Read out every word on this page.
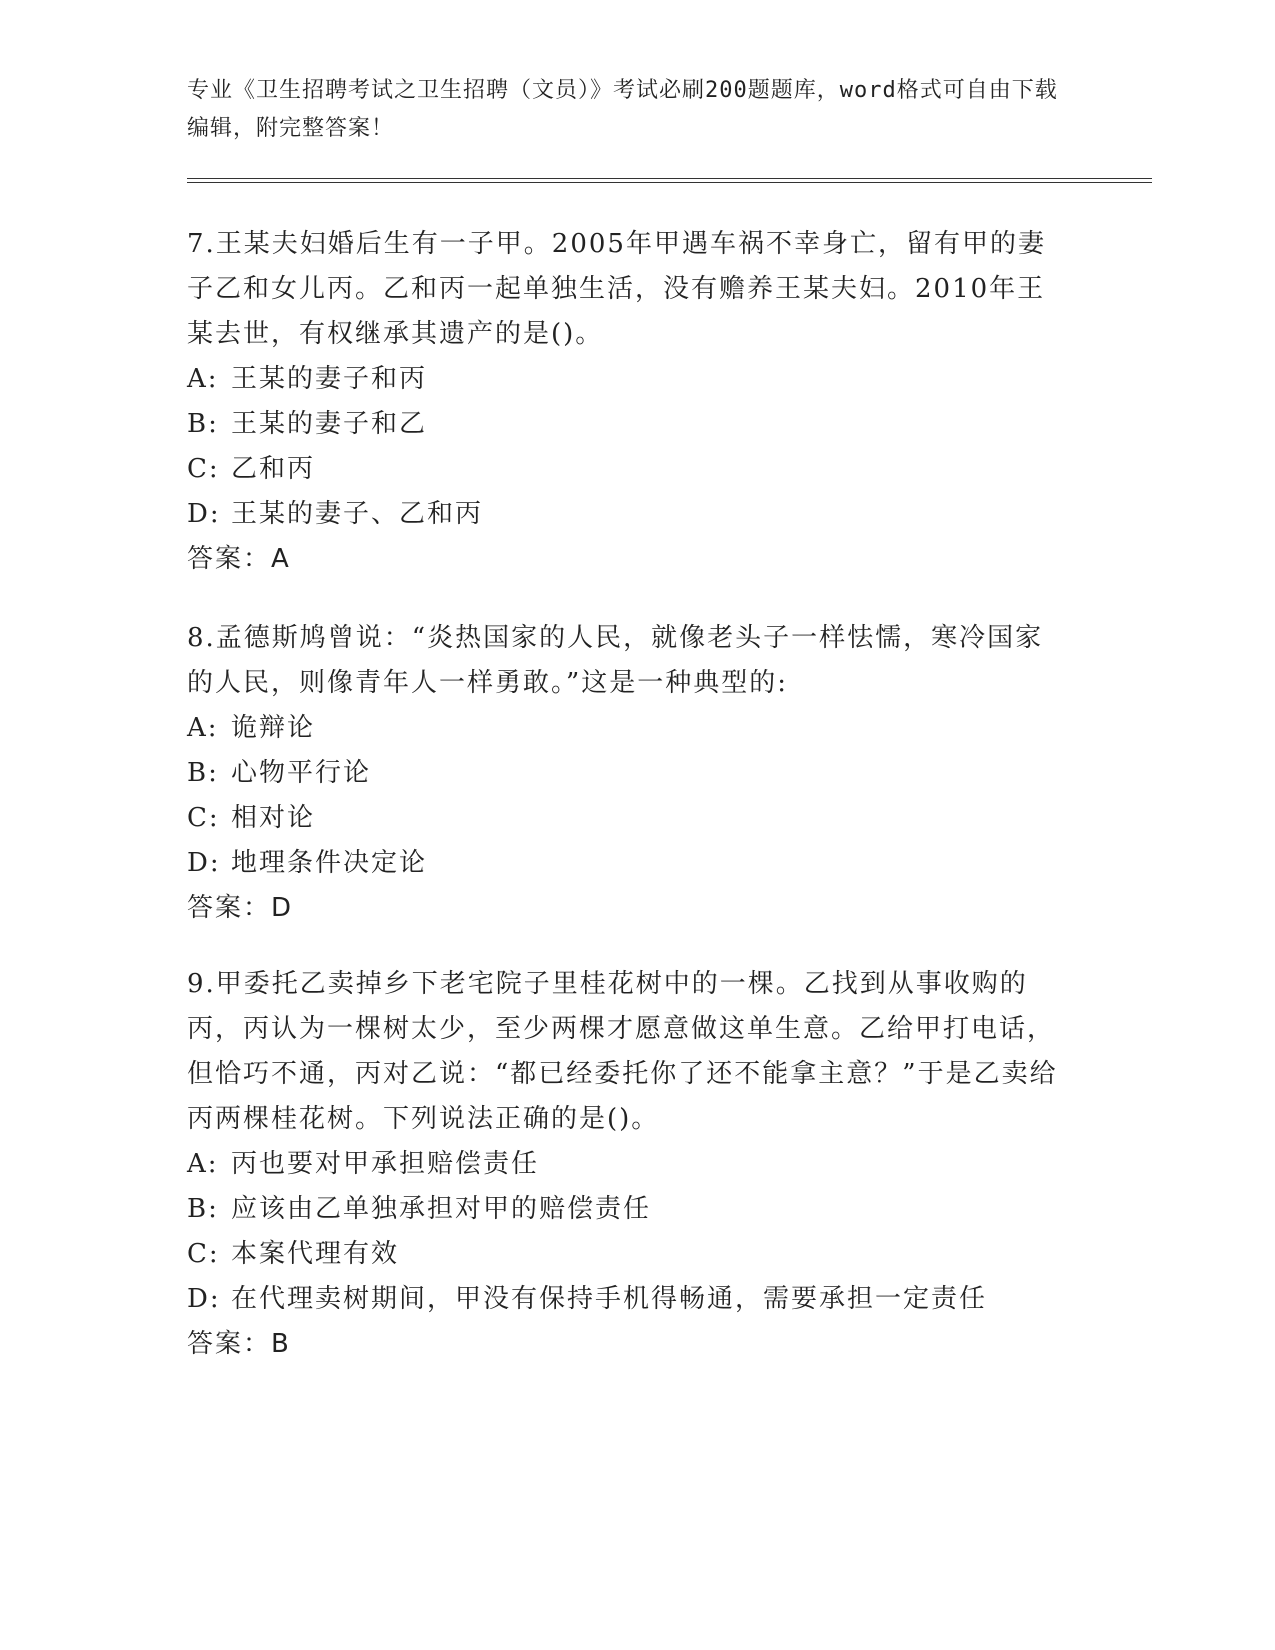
专业《卫生招聘考试之卫生招聘（文员）》考试必刷200题题库，word格式可自由下载编辑，附完整答案！

7.王某夫妇婚后生有一子甲。2005年甲遇车祸不幸身亡，留有甲的妻子乙和女儿丙。乙和丙一起单独生活，没有赡养王某夫妇。2010年王某去世，有权继承其遗产的是()。

A: 王某的妻子和丙

B: 王某的妻子和乙

C: 乙和丙

D: 王某的妻子、乙和丙

答案：A

8.孟德斯鸠曾说：“炎热国家的人民，就像老头子一样怯懦，寒冷国家的人民，则像青年人一样勇敢。”这是一种典型的:

A: 诡辩论

B: 心物平行论

C: 相对论

D: 地理条件决定论

答案：D

9.甲委托乙卖掉乡下老宅院子里桂花树中的一棵。乙找到从事收购的丙，丙认为一棵树太少，至少两棵才愿意做这单生意。乙给甲打电话，但恰巧不通，丙对乙说：“都已经委托你了还不能拿主意？”于是乙卖给丙两棵桂花树。下列说法正确的是()。

A: 丙也要对甲承担赔偿责任

B: 应该由乙单独承担对甲的赔偿责任

C: 本案代理有效

D: 在代理卖树期间，甲没有保持手机得畅通，需要承担一定责任

答案：B
